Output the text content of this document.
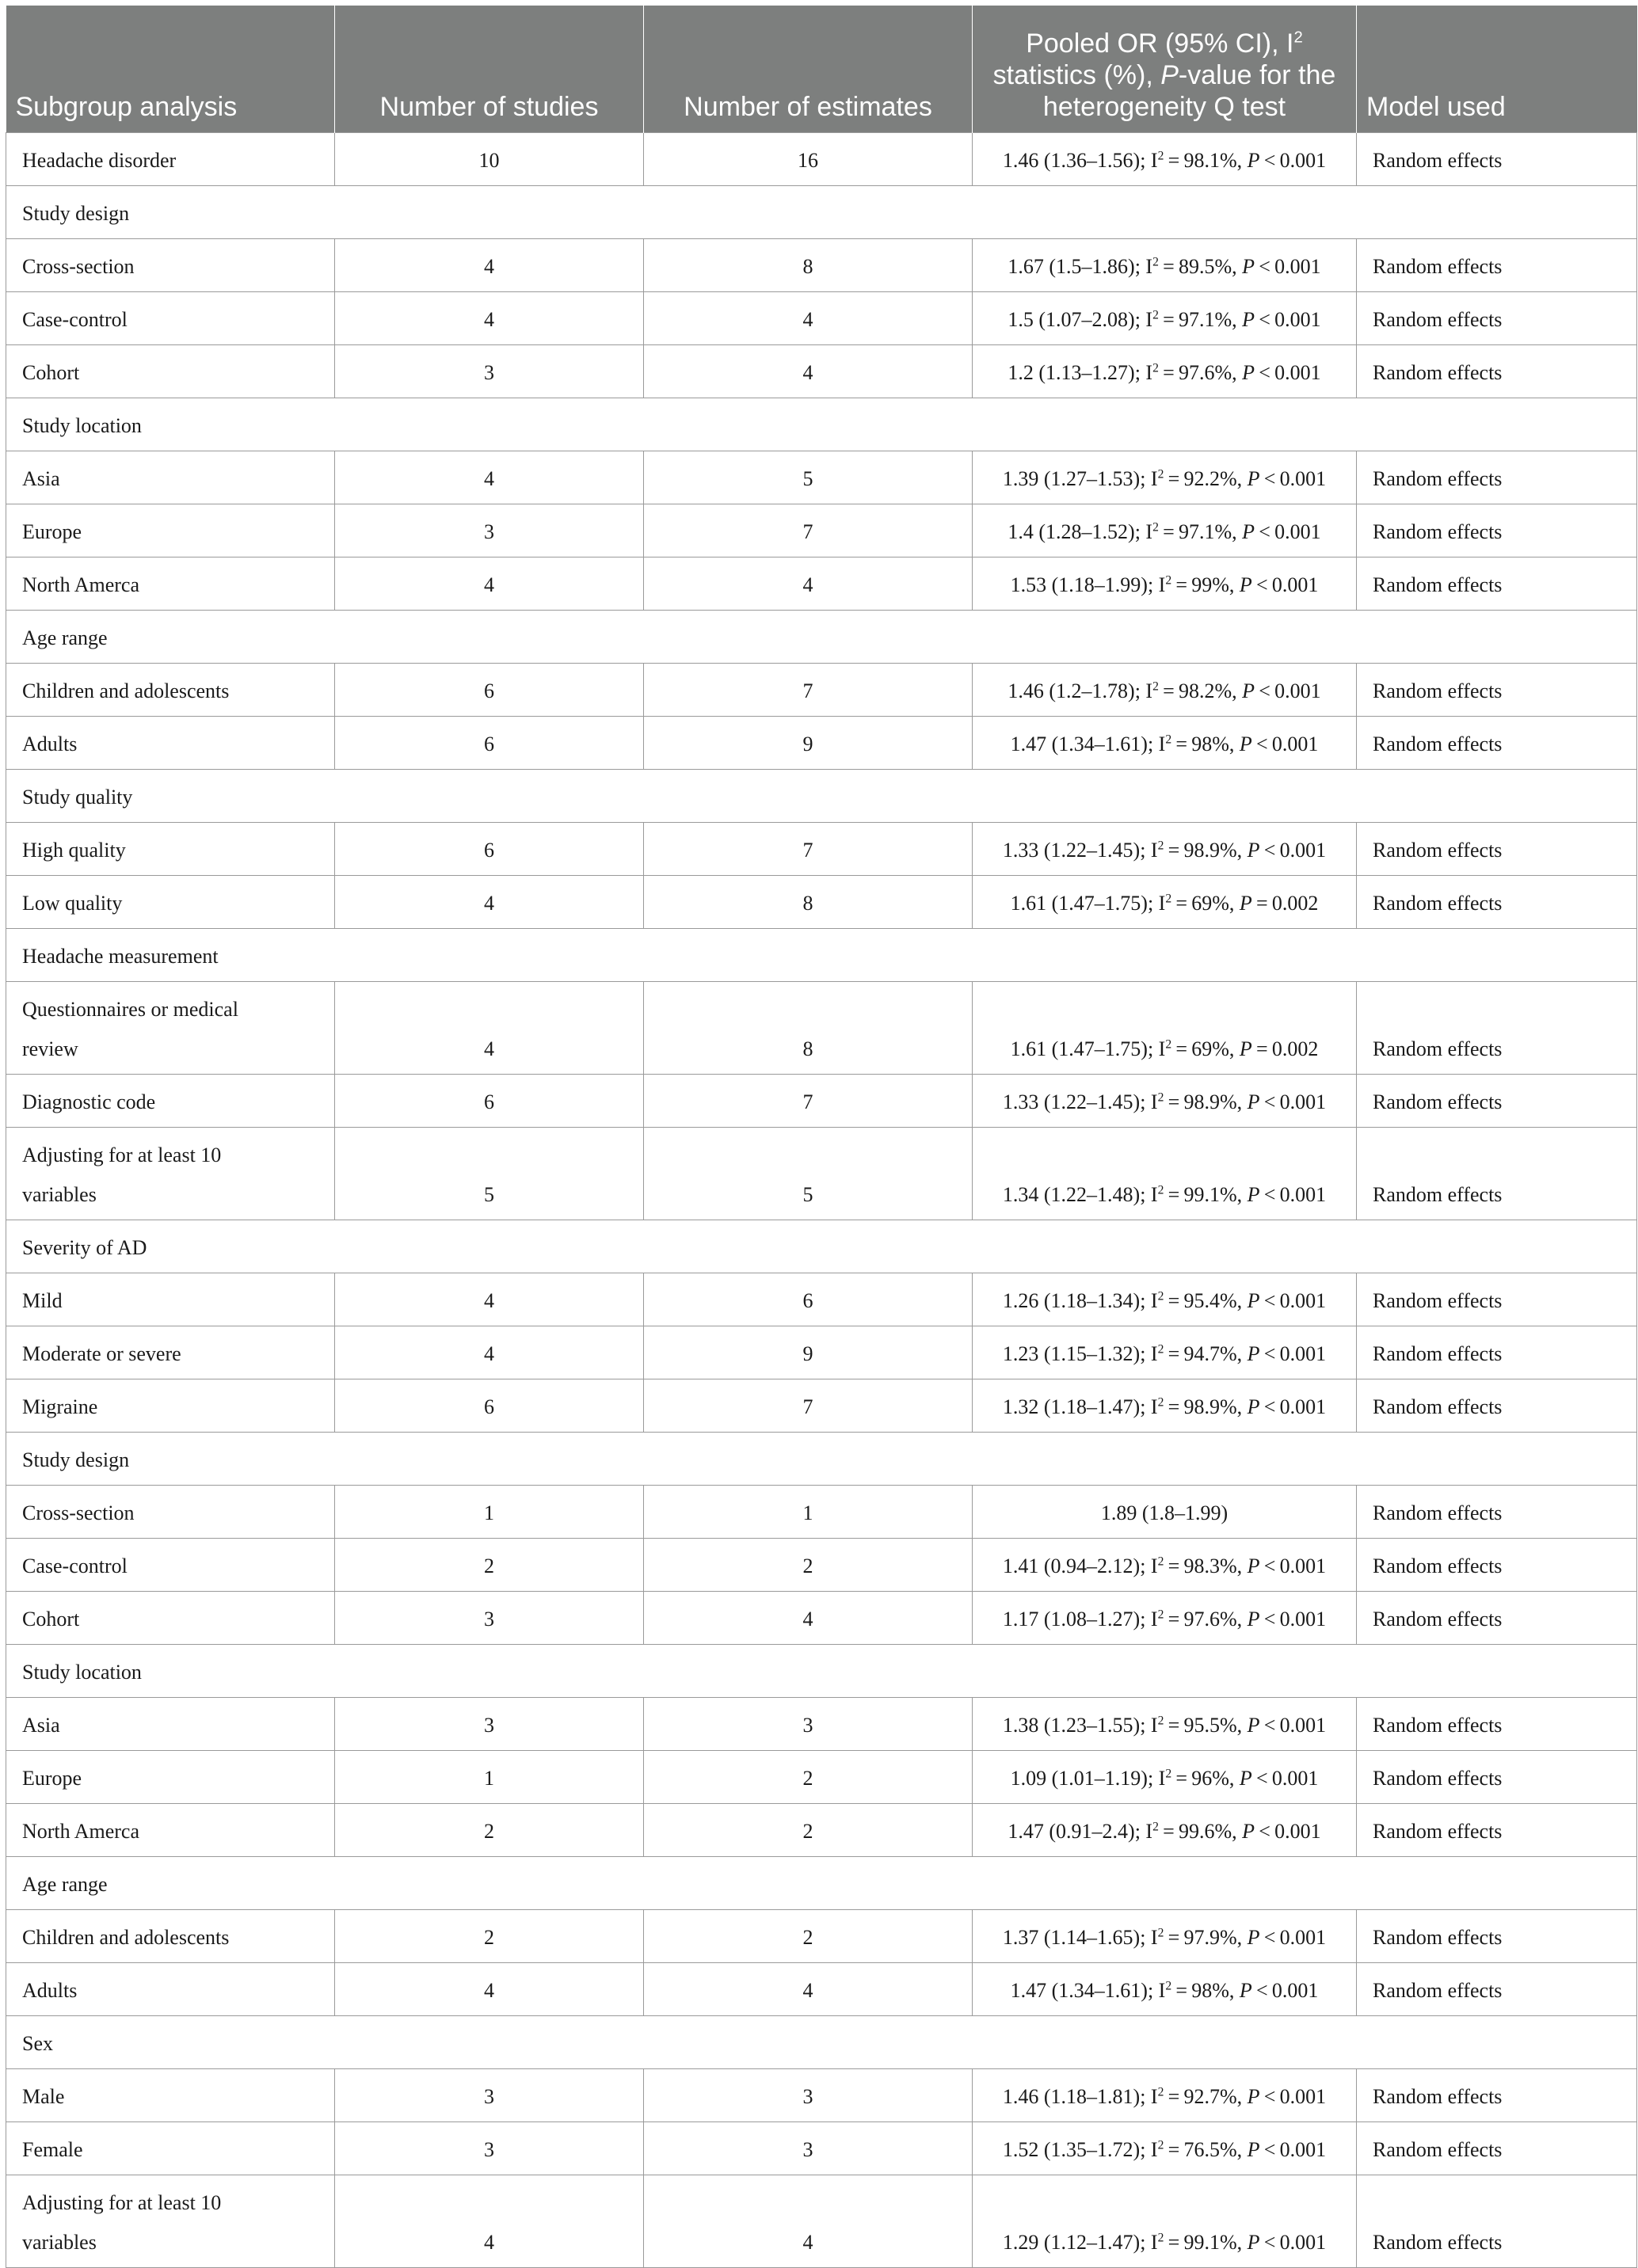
Subgroup analysis	Number of studies	Number of estimates	Pooled OR (95% CI), $I^2$ statistics (%), P-value for the heterogeneity Q test	Model used
Headache disorder	10	16	1.46 (1.36–1.56); $I^2 = 98.1\%$, P  <  0.001	Random effects
Study design				
Cross-section	4	8	1.67 (1.5–1.86); $I^2 = 89.5\%$, P  <  0.001	Random effects
Case-control	4	4	1.5 (1.07–2.08); $I^2 = 97.1\%$, P  <  0.001	Random effects
Cohort	3	4	1.2 (1.13–1.27); $I^2 = 97.6\%$, P  <  0.001	Random effects
Study location				
Asia	4	5	1.39 (1.27–1.53); $I^2 = 92.2\%$, P  <  0.001	Random effects
Europe	3	7	1.4 (1.28–1.52); $I^2 = 97.1\%$, P  <  0.001	Random effects
North Amerca	4	4	1.53 (1.18–1.99); $I^2 = 99\%$, P  <  0.001	Random effects
Age range				
Children and adolescents	6	7	1.46 (1.2–1.78); $I^2 = 98.2\%$, P  <  0.001	Random effects
Adults	6	9	1.47 (1.34–1.61); $I^2 = 98\%$, P  <  0.001	Random effects
Study quality				
High quality	6	7	1.33 (1.22–1.45); $I^2 = 98.9\%$, P  <  0.001	Random effects
Low quality	4	8	1.61 (1.47–1.75); $I^2 = 69\%$, P  =  0.002	Random effects
Headache measurement				
Questionnaires or medical
review	4	8	1.61 (1.47–1.75); $I^2 = 69\%$, P  =  0.002	Random effects
Diagnostic code	6	7	1.33 (1.22–1.45); $I^2 = 98.9\%$, P  <  0.001	Random effects
Adjusting for at least 10
variables	5	5	1.34 (1.22–1.48); $I^2 = 99.1\%$, P  <  0.001	Random effects
Severity of AD				
Mild	4	6	1.26 (1.18–1.34); $I^2 = 95.4\%$, P  <  0.001	Random effects
Moderate or severe	4	9	1.23 (1.15–1.32); $I^2 = 94.7\%$, P  <  0.001	Random effects
Migraine	6	7	1.32 (1.18–1.47); $I^2 = 98.9\%$, P  <  0.001	Random effects
Study design				
Cross-section	1	1	1.89 (1.8–1.99)	Random effects
Case-control	2	2	1.41 (0.94–2.12); $I^2 = 98.3\%$, P  <  0.001	Random effects
Cohort	3	4	1.17 (1.08–1.27); $I^2 = 97.6\%$, P  <  0.001	Random effects
Study location				
Asia	3	3	1.38 (1.23–1.55); $I^2 = 95.5\%$, P  <  0.001	Random effects
Europe	1	2	1.09 (1.01–1.19); $I^2 = 96\%$, P  <  0.001	Random effects
North Amerca	2	2	1.47 (0.91–2.4); $I^2 = 99.6\%$, P  <  0.001	Random effects
Age range				
Children and adolescents	2	2	1.37 (1.14–1.65); $I^2 = 97.9\%$, P  <  0.001	Random effects
Adults	4	4	1.47 (1.34–1.61); $I^2 = 98\%$, P  <  0.001	Random effects
Sex				
Male	3	3	1.46 (1.18–1.81); $I^2 = 92.7\%$, P  <  0.001	Random effects
Female	3	3	1.52 (1.35–1.72); $I^2 = 76.5\%$, P  <  0.001	Random effects
Adjusting for at least 10
variables	4	4	1.29 (1.12–1.47); $I^2 = 99.1\%$, P  <  0.001	Random effects
